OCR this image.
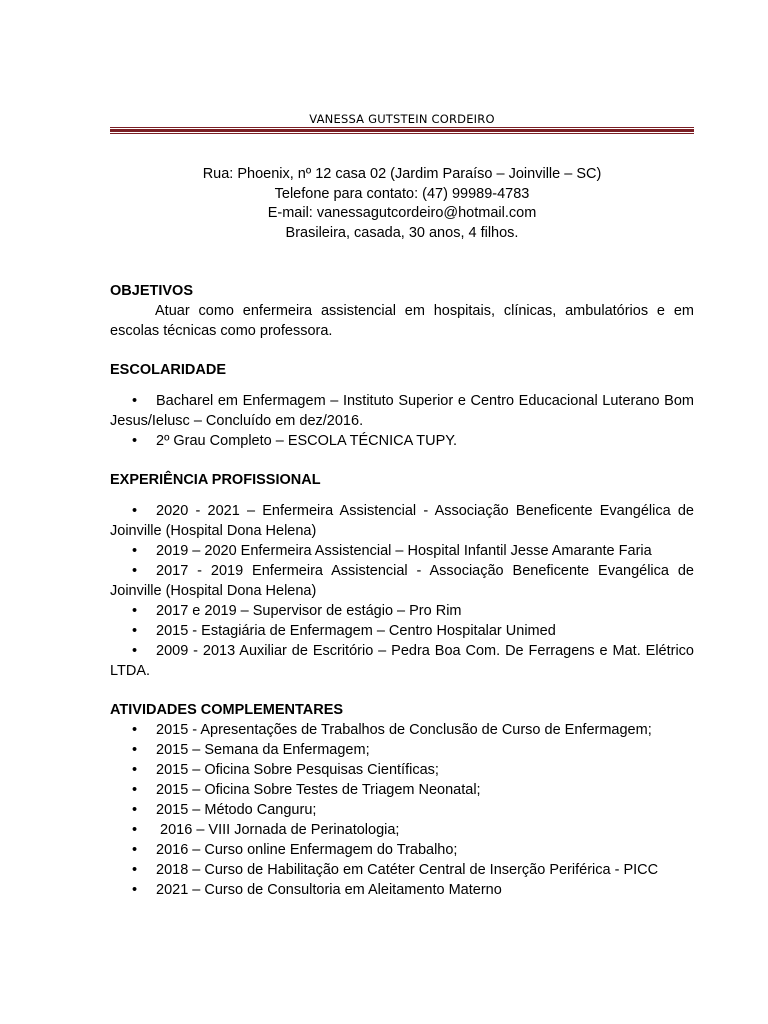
VANESSA GUTSTEIN CORDEIRO
Rua: Phoenix, nº 12 casa 02 (Jardim Paraíso – Joinville – SC)
Telefone para contato: (47) 99989-4783
E-mail: vanessagutcordeiro@hotmail.com
Brasileira, casada, 30 anos, 4 filhos.

OBJETIVOS

Atuar como enfermeira assistencial em hospitais, clínicas, ambulatórios e em escolas técnicas como professora.

ESCOLARIDADE

• Bacharel em Enfermagem – Instituto Superior e Centro Educacional Luterano Bom Jesus/Ielusc – Concluído em dez/2016.
• 2º Grau Completo – ESCOLA TÉCNICA TUPY.

EXPERIÊNCIA PROFISSIONAL

• 2020 - 2021 – Enfermeira Assistencial - Associação Beneficente Evangélica de Joinville (Hospital Dona Helena)
• 2019 – 2020 Enfermeira Assistencial – Hospital Infantil Jesse Amarante Faria
• 2017 - 2019 Enfermeira Assistencial - Associação Beneficente Evangélica de Joinville (Hospital Dona Helena)
• 2017 e 2019 – Supervisor de estágio – Pro Rim
• 2015 - Estagiária de Enfermagem – Centro Hospitalar Unimed
• 2009 - 2013 Auxiliar de Escritório – Pedra Boa Com. De Ferragens e Mat. Elétrico LTDA.

ATIVIDADES COMPLEMENTARES

• 2015 - Apresentações de Trabalhos de Conclusão de Curso de Enfermagem;
• 2015 – Semana da Enfermagem;
• 2015 – Oficina Sobre Pesquisas Científicas;
• 2015 – Oficina Sobre Testes de Triagem Neonatal;
• 2015 – Método Canguru;
• 2016 – VIII Jornada de Perinatologia;
• 2016 – Curso online Enfermagem do Trabalho;
• 2018 – Curso de Habilitação em Catéter Central de Inserção Periférica - PICC
• 2021 – Curso de Consultoria em Aleitamento Materno
